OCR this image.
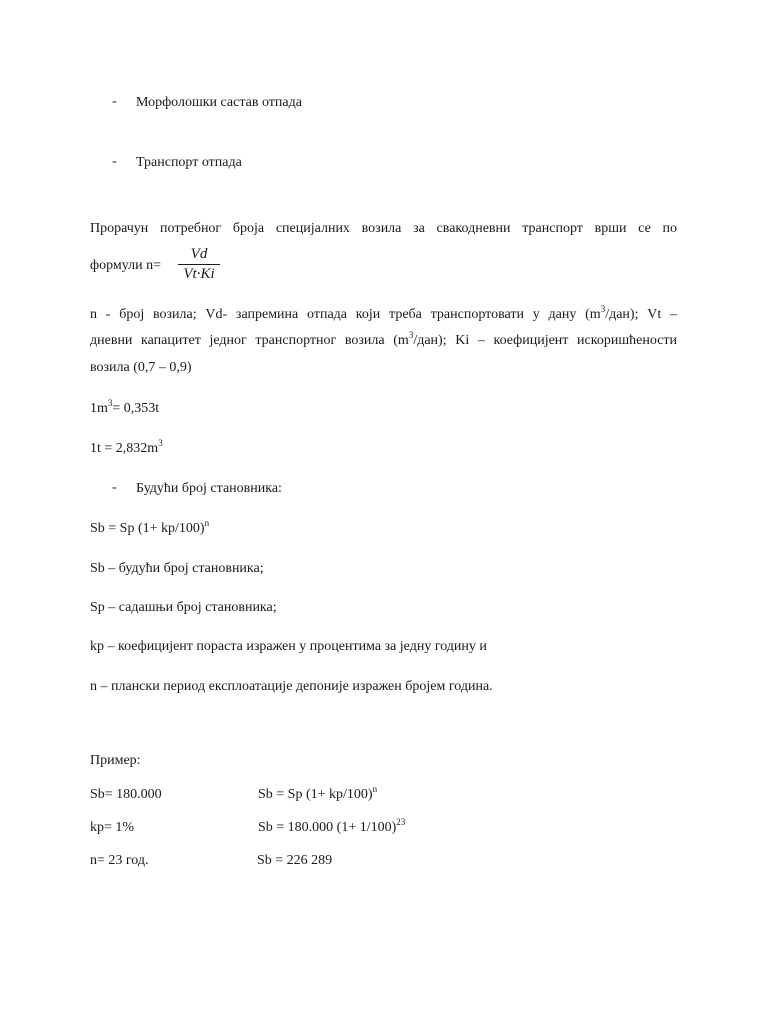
- Морфолошки састав отпада
- Транспорт отпада
Прорачун потребног броја специјалних возила за свакодневни транспорт врши се по
формули n=
Vd
Vt·Ki
n - број возила; Vd- запремина отпада који треба транспортовати у дану $(m^3/дан)$; Vt –
дневни капацитет једног транспортног возила $(m^3/дан)$; Ki – коефицијент искоришћености
возила (0,7 – 0,9)
$1m^3= 0,353t$
$1t = 2,832m^3$
- Будући број становника:
Sb = Sp $(1+ kp/100)^n$
Sb – будући број становника;
Sp – садашњи број становника;
kp – коефицијент пораста изражен у процентима за једну годину и
n – плански период експлоатације депоније изражен бројем година.
Пример:
Sb= 180.000	Sb = Sp $(1+ kp/100)^n$
kp= 1%	Sb = 180.000 $(1+ 1/100)^{23}$
n= 23 год.	Sb = 226 289
